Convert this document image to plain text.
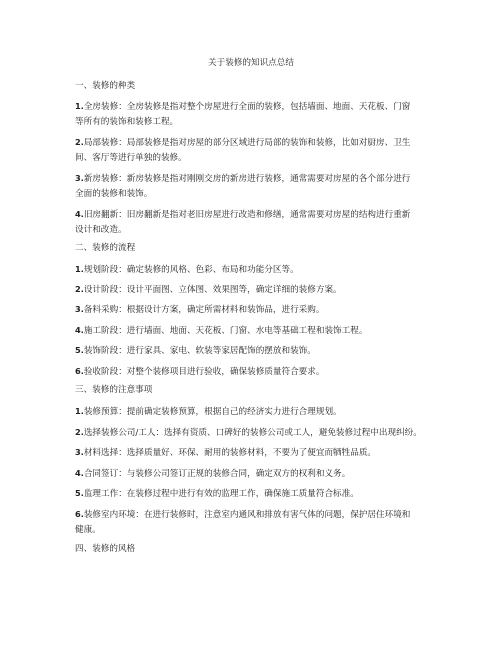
关于装修的知识点总结
一、装修的种类
1.全房装修：全房装修是指对整个房屋进行全面的装修，包括墙面、地面、天花板、门窗
等所有的装饰和装修工程。
2.局部装修：局部装修是指对房屋的部分区域进行局部的装饰和装修，比如对厨房、卫生
间、客厅等进行单独的装修。
3.新房装修：新房装修是指对刚刚交房的新房进行装修，通常需要对房屋的各个部分进行
全面的装修和装饰。
4.旧房翻新：旧房翻新是指对老旧房屋进行改造和修缮，通常需要对房屋的结构进行重新
设计和改造。
二、装修的流程
1.规划阶段：确定装修的风格、色彩、布局和功能分区等。
2.设计阶段：设计平面图、立体图、效果图等，确定详细的装修方案。
3.备料采购：根据设计方案，确定所需材料和装饰品，进行采购。
4.施工阶段：进行墙面、地面、天花板、门窗、水电等基础工程和装饰工程。
5.装饰阶段：进行家具、家电、软装等家居配饰的摆放和装饰。
6.验收阶段：对整个装修项目进行验收，确保装修质量符合要求。
三、装修的注意事项
1.装修预算：提前确定装修预算，根据自己的经济实力进行合理规划。
2.选择装修公司/工人：选择有资质、口碑好的装修公司或工人，避免装修过程中出现纠纷。
3.材料选择：选择质量好、环保、耐用的装修材料，不要为了便宜而牺牲品质。
4.合同签订：与装修公司签订正规的装修合同，确定双方的权利和义务。
5.监理工作：在装修过程中进行有效的监理工作，确保施工质量符合标准。
6.装修室内环境：在进行装修时，注意室内通风和排放有害气体的问题，保护居住环境和
健康。
四、装修的风格
